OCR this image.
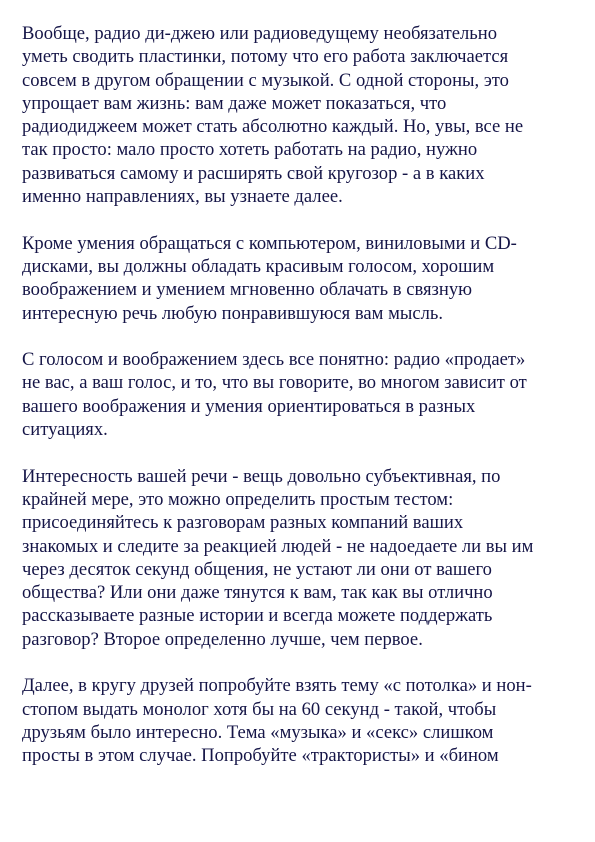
Вообще, радио ди-джею или радиоведущему необязательно
уметь сводить пластинки, потому что его работа заключается
совсем в другом обращении с музыкой. С одной стороны, это
упрощает вам жизнь: вам даже может показаться, что
радиодиджеем может стать абсолютно каждый. Но, увы, все не
так просто: мало просто хотеть работать на радио, нужно
развиваться самому и расширять свой кругозор - а в каких
именно направлениях, вы узнаете далее.
Кроме умения обращаться с компьютером, виниловыми и CD-
дисками, вы должны обладать красивым голосом, хорошим
воображением и умением мгновенно облачать в связную
интересную речь любую понравившуюся вам мысль.
С голосом и воображением здесь все понятно: радио «продает»
не вас, а ваш голос, и то, что вы говорите, во многом зависит от
вашего воображения и умения ориентироваться в разных
ситуациях.
Интересность вашей речи - вещь довольно субъективная, по
крайней мере, это можно определить простым тестом:
присоединяйтесь к разговорам разных компаний ваших
знакомых и следите за реакцией людей - не надоедаете ли вы им
через десяток секунд общения, не устают ли они от вашего
общества? Или они даже тянутся к вам, так как вы отлично
рассказываете разные истории и всегда можете поддержать
разговор? Второе определенно лучше, чем первое.
Далее, в кругу друзей попробуйте взять тему «с потолка» и нон-
стопом выдать монолог хотя бы на 60 секунд - такой, чтобы
друзьям было интересно. Тема «музыка» и «секс» слишком
просты в этом случае. Попробуйте «трактористы» и «бином
